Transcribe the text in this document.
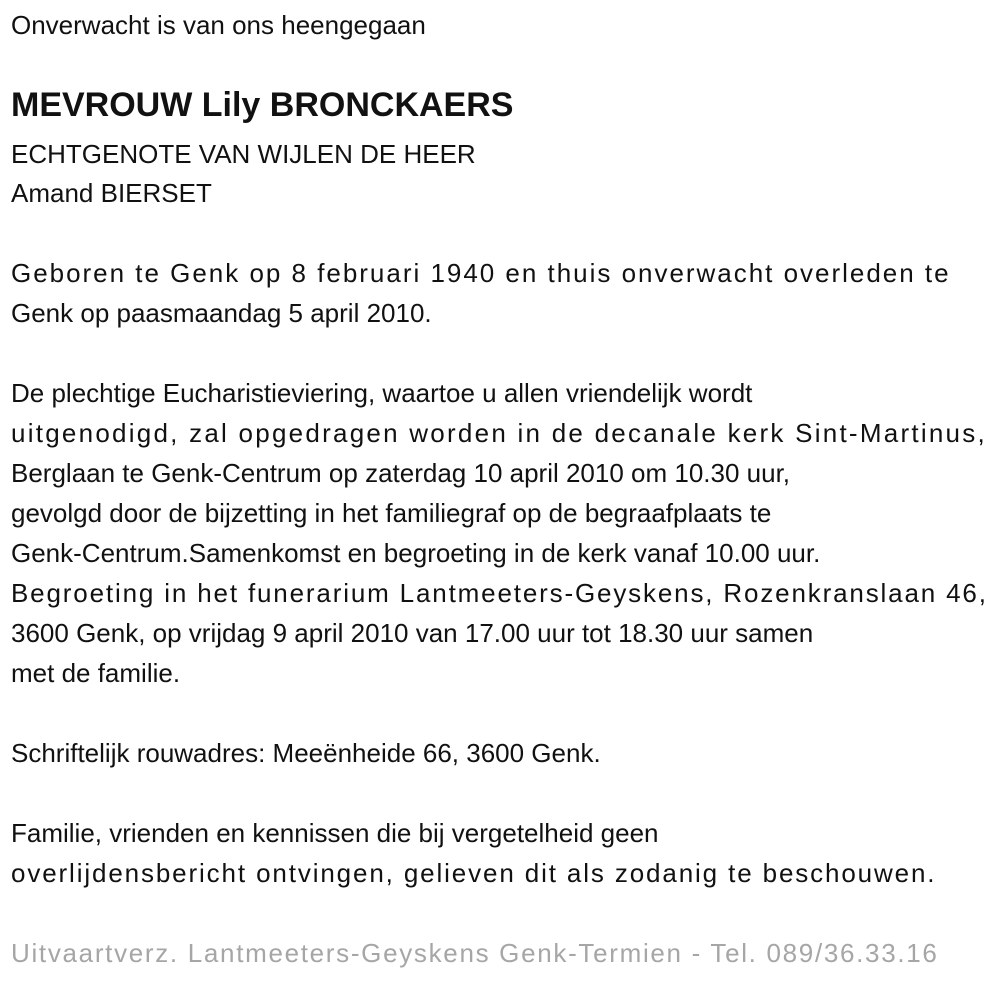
Onverwacht is van ons heengegaan
MEVROUW Lily BRONCKAERS
ECHTGENOTE VAN WIJLEN DE HEER
Amand BIERSET
Geboren te Genk op 8 februari 1940 en thuis onverwacht overleden te
Genk op paasmaandag 5 april 2010.
De plechtige Eucharistieviering, waartoe u allen vriendelijk wordt
uitgenodigd, zal opgedragen worden in de decanale kerk Sint-Martinus,
Berglaan te Genk-Centrum op zaterdag 10 april 2010 om 10.30 uur,
gevolgd door de bijzetting in het familiegraf op de begraafplaats te
Genk-Centrum.Samenkomst en begroeting in de kerk vanaf 10.00 uur.
Begroeting in het funerarium Lantmeeters-Geyskens, Rozenkranslaan 46,
3600 Genk, op vrijdag 9 april 2010 van 17.00 uur tot 18.30 uur samen
met de familie.
Schriftelijk rouwadres: Meeënheide 66, 3600 Genk.
Familie, vrienden en kennissen die bij vergetelheid geen
overlijdensbericht ontvingen, gelieven dit als zodanig te beschouwen.
Uitvaartverz. Lantmeeters-Geyskens Genk-Termien - Tel. 089/36.33.16
